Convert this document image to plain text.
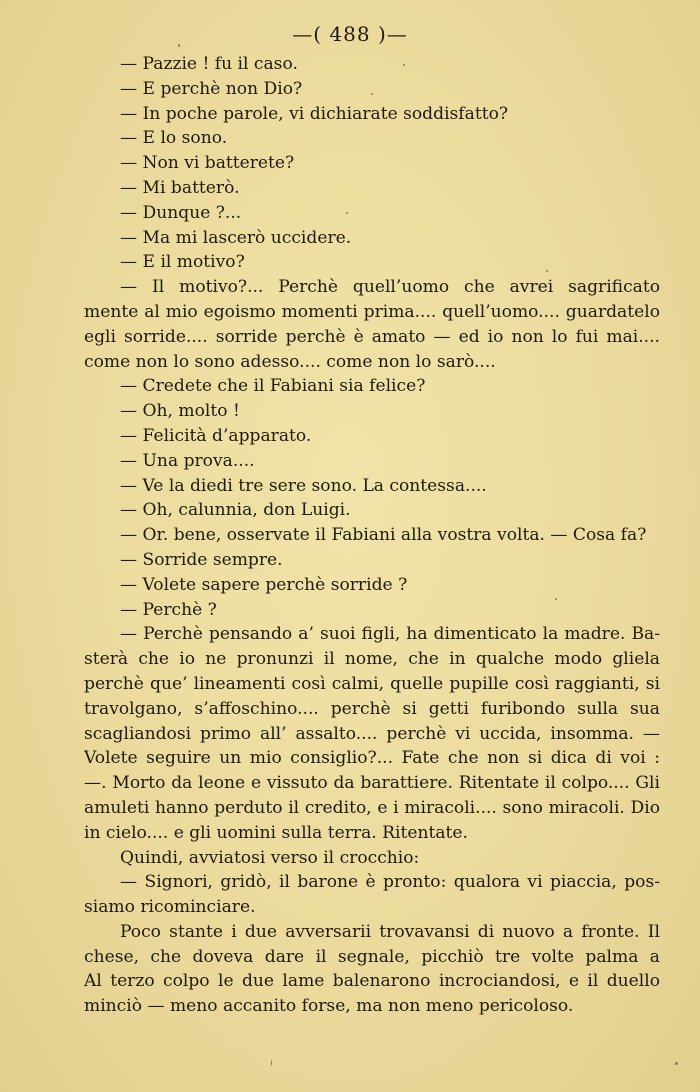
—( 488 )—
— Pazzie ! fu il caso.
— E perchè non Dio?
— In poche parole, vi dichiarate soddisfatto?
— E lo sono.
— Non vi batterete?
— Mi batterò.
— Dunque ?...
— Ma mi lascerò uccidere.
— E il motivo?
— Il motivo?... Perchè quell’uomo che avrei sagrificato
mente al mio egoismo momenti prima.... quell’uomo.... guardatelo
egli sorride.... sorride perchè è amato — ed io non lo fui mai....
come non lo sono adesso.... come non lo sarò....
— Credete che il Fabiani sia felice?
— Oh, molto !
— Felicità d’apparato.
— Una prova....
— Ve la diedi tre sere sono. La contessa....
— Oh, calunnia, don Luigi.
— Or. bene, osservate il Fabiani alla vostra volta. — Cosa fa?
— Sorride sempre.
— Volete sapere perchè sorride ?
— Perchè ?
— Perchè pensando a’ suoi figli, ha dimenticato la madre. Ba-
sterà che io ne pronunzi il nome, che in qualche modo gliela
perchè que’ lineamenti così calmi, quelle pupille così raggianti, si
travolgano, s’affoschino.... perchè si getti furibondo sulla sua
scagliandosi primo all’ assalto.... perchè vi uccida, insomma. —
Volete seguire un mio consiglio?... Fate che non si dica di voi :
—. Morto da leone e vissuto da barattiere. Ritentate il colpo.... Gli
amuleti hanno perduto il credito, e i miracoli.... sono miracoli. Dio
in cielo.... e gli uomini sulla terra. Ritentate.
Quindi, avviatosi verso il crocchio:
— Signori, gridò, il barone è pronto: qualora vi piaccia, pos-
siamo ricominciare.
Poco stante i due avversarii trovavansi di nuovo a fronte. Il
chese, che doveva dare il segnale, picchiò tre volte palma a
Al terzo colpo le due lame balenarono incrociandosi, e il duello
minciò — meno accanito forse, ma non meno pericoloso.
